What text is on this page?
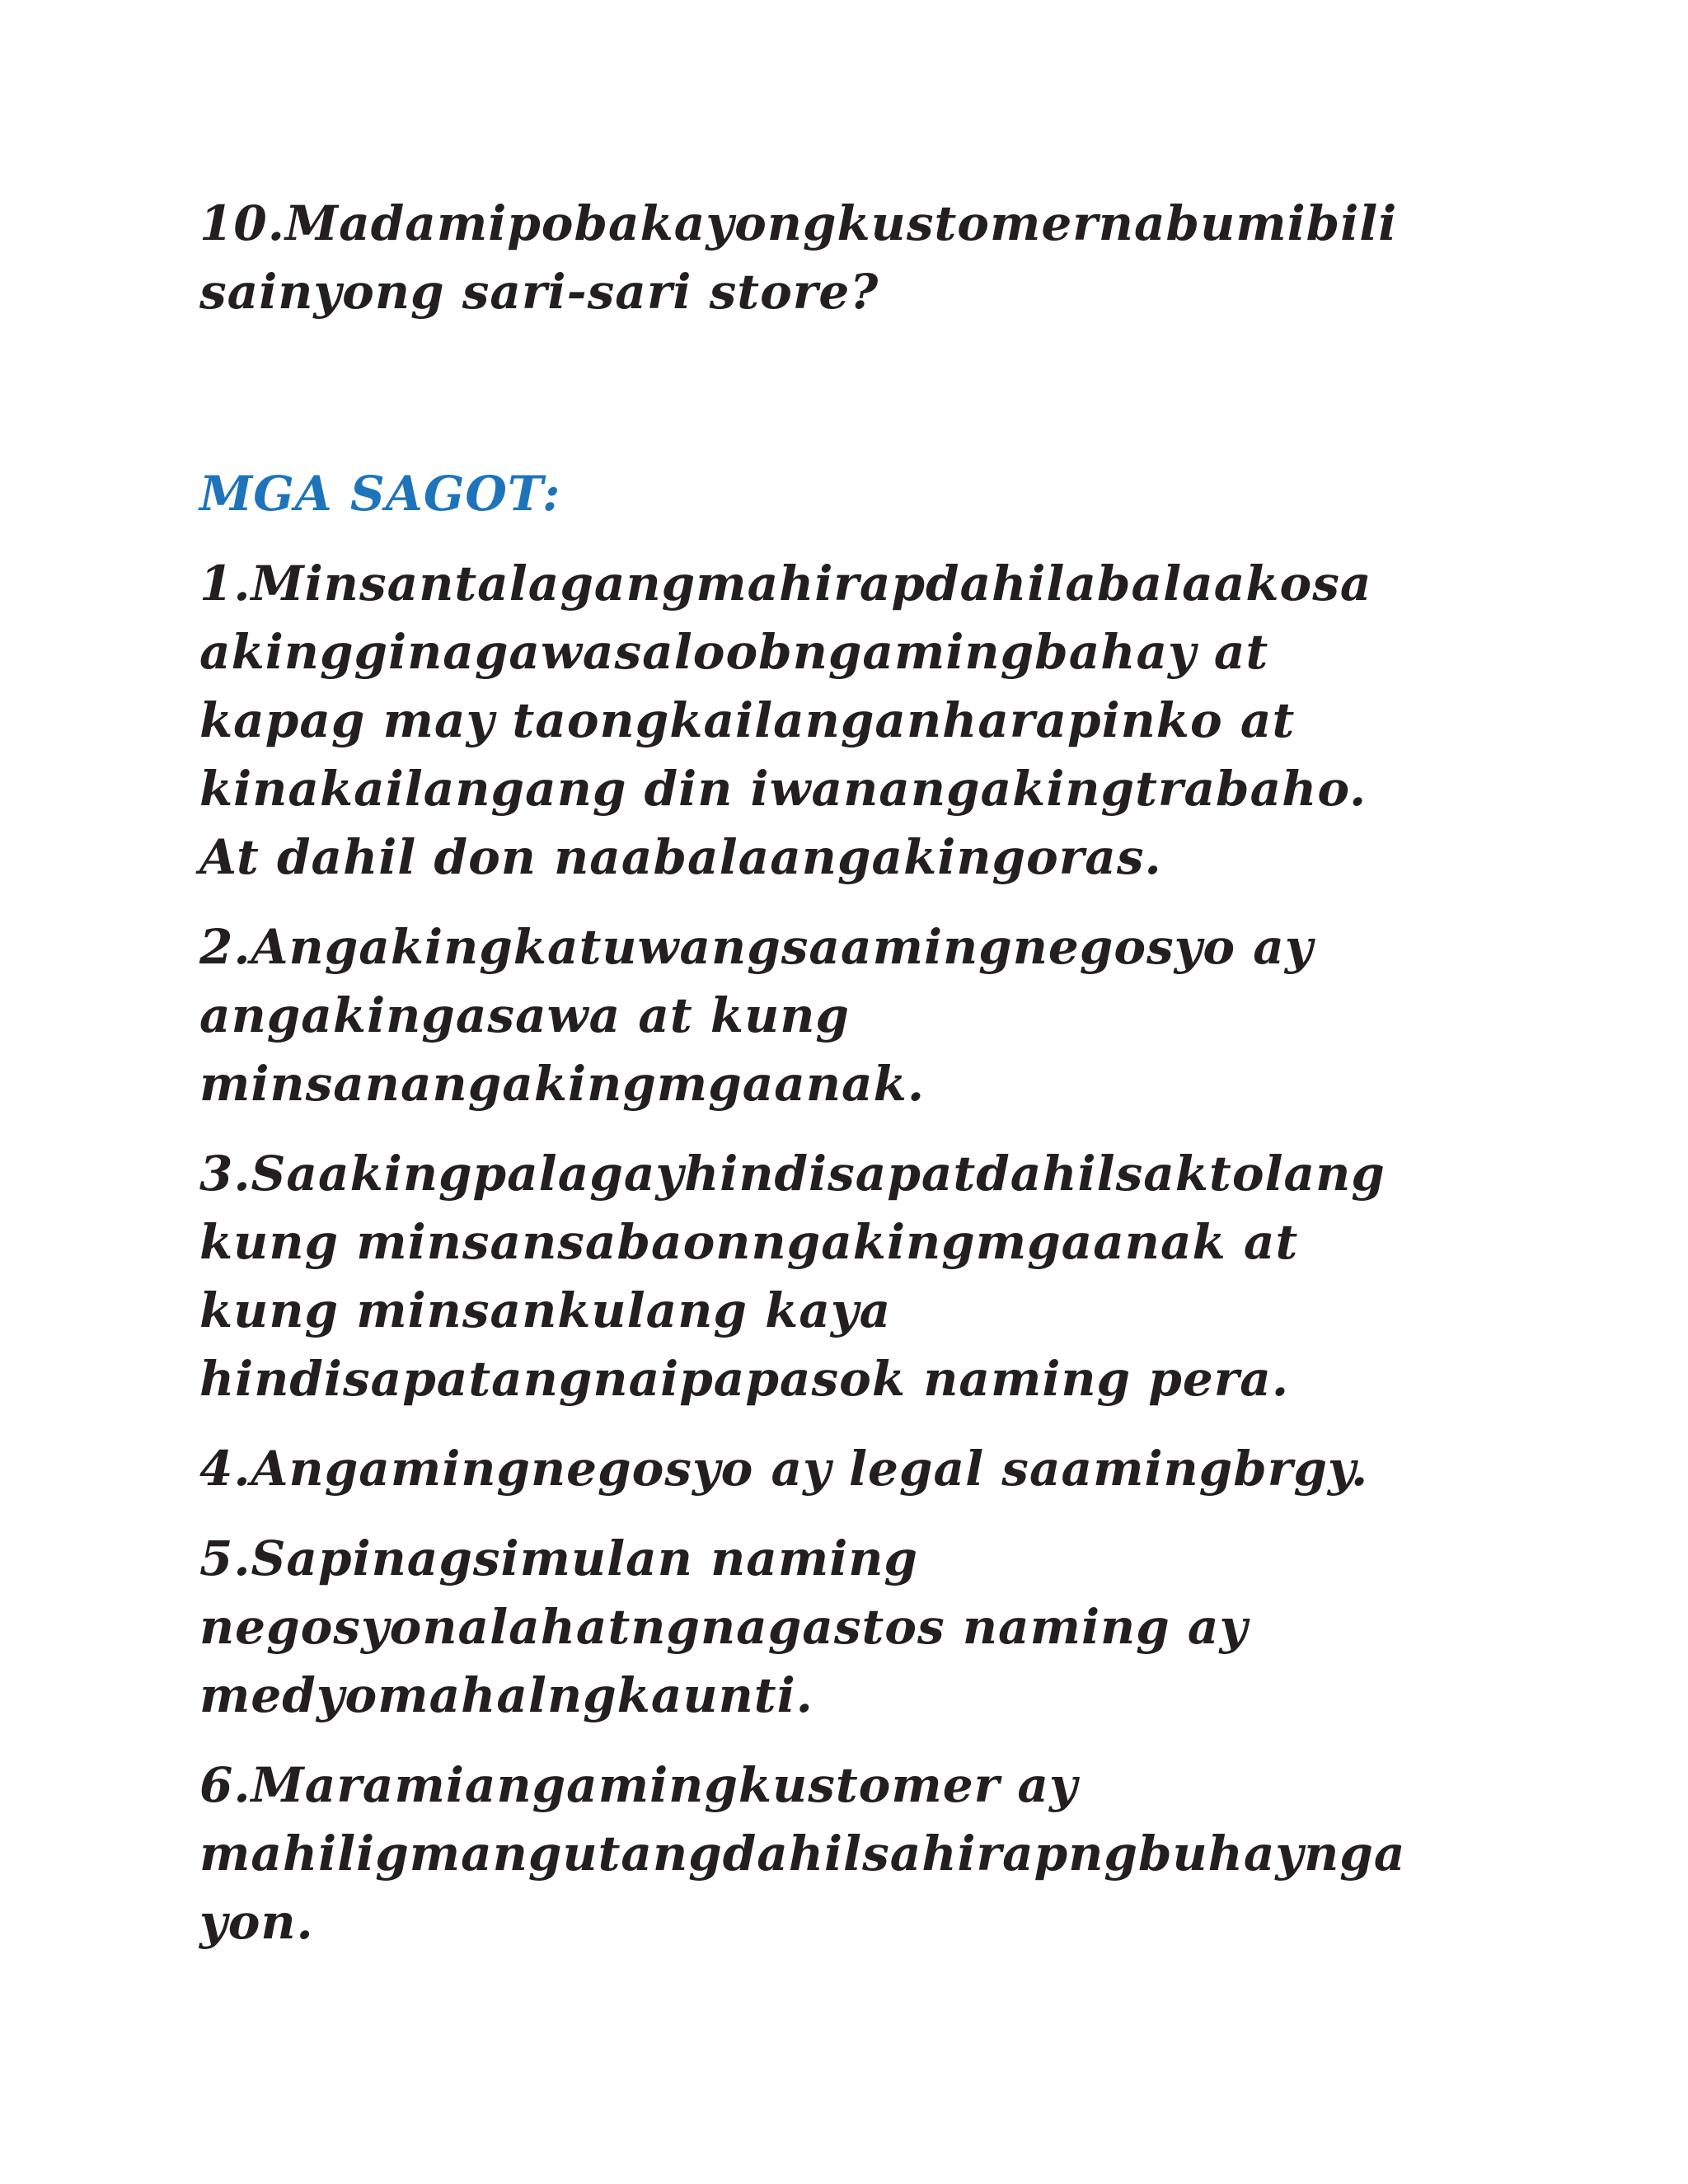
10.Madamipobakayongkustomernabumibili
sainyong sari-sari store?
MGA SAGOT:
1.Minsantalagangmahirapdahilabalaakosa
akingginagawasaloobngamingbahay at
kapag may taongkailanganharapinko at
kinakailangang din iwanangakingtrabaho.
At dahil don naabalaangakingoras.
2.Angakingkatuwangsaamingnegosyo ay
angakingasawa at kung
minsanangakingmgaanak.
3.Saakingpalagayhindisapatdahilsaktolang
kung minsansabaonngakingmgaanak at
kung minsankulang kaya
hindisapatangnaipapasok naming pera.
4.Angamingnegosyo ay legal saamingbrgy.
5.Sapinagsimulan naming
negosyonalahatngnagastos naming ay
medyomahalngkaunti.
6.Maramiangamingkustomer ay
mahiligmangutangdahilsahirapngbuhaynga
yon.
